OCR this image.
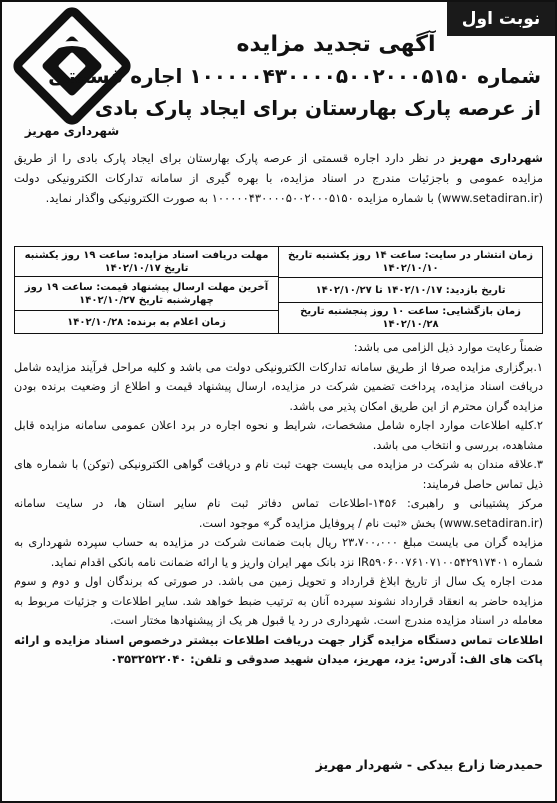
شهرداری مهریز
نوبت اول
آگهی تجدید مزایده
شماره ۱۰۰۰۰۰۴۳۰۰۰۰۵۰۰۲۰۰۰۵۱۵۰ اجاره قسمتی
از عرصه پارک بهارستان برای ایجاد پارک بادی
شهرداری مهریز در نظر دارد اجاره قسمتی از عرصه پارک بهارستان برای ایجاد پارک بادی را از طریق مزایده عمومی و باجزئیات مندرج در اسناد مزایده، با بهره گیری از سامانه تدارکات الکترونیکی دولت (www.setadiran.ir) با شماره مزایده ۱۰۰۰۰۰۴۳۰۰۰۰۵۰۰۲۰۰۰۵۱۵۰ به صورت الکترونیکی واگذار نماید.
زمان انتشار در سایت: ساعت ۱۴ روز یکشنبه تاریخ ۱۴۰۲/۱۰/۱۰
تاریخ بازدید: ۱۴۰۲/۱۰/۱۷ تا ۱۴۰۲/۱۰/۲۷
زمان بازگشایی: ساعت ۱۰ روز پنجشنبه تاریخ ۱۴۰۲/۱۰/۲۸
مهلت دریافت اسناد مزایده: ساعت ۱۹ روز یکشنبه تاریخ ۱۴۰۲/۱۰/۱۷
آخرین مهلت ارسال پیشنهاد قیمت: ساعت ۱۹ روز چهارشنبه تاریخ ۱۴۰۲/۱۰/۲۷
زمان اعلام به برنده: ۱۴۰۲/۱۰/۲۸

ضمناً رعایت موارد ذیل الزامی می باشد:

۱.برگزاری مزایده صرفا از طریق سامانه تدارکات الکترونیکی دولت می باشد و کلیه مراحل فرآیند مزایده شامل دریافت اسناد مزایده، پرداخت تضمین شرکت در مزایده، ارسال پیشنهاد قیمت و اطلاع از وضعیت برنده بودن مزایده گران محترم از این طریق امکان پذیر می باشد.

۲.کلیه اطلاعات موارد اجاره شامل مشخصات، شرایط و نحوه اجاره در برد اعلان عمومی سامانه مزایده قابل مشاهده، بررسی و انتخاب می باشد.

۳.علاقه مندان به شرکت در مزایده می بایست جهت ثبت نام و دریافت گواهی الکترونیکی (توکن) با شماره های ذیل تماس حاصل فرمایند:

مرکز پشتیبانی و راهبری: ۱۴۵۶-اطلاعات تماس دفاتر ثبت نام سایر استان ها، در سایت سامانه (www.setadiran.ir) بخش «ثبت نام / پروفایل مزایده گر» موجود است.

مزایده گران می بایست مبلغ ۲۳،۷۰۰،۰۰۰ ریال بابت ضمانت شرکت در مزایده به حساب سپرده شهرداری به شماره IR۵۹۰۶۰۰۷۶۱۰۷۱۰۰۵۴۲۹۱۷۴۰۱ نزد بانک مهر ایران واریز و یا ارائه ضمانت نامه بانکی اقدام نماید.

مدت اجاره یک سال از تاریخ ابلاغ قرارداد و تحویل زمین می باشد. در صورتی که برندگان اول و دوم و سوم مزایده حاضر به انعقاد قرارداد نشوند سپرده آنان به ترتیب ضبط خواهد شد. سایر اطلاعات و جزئیات مربوط به معامله در اسناد مزایده مندرج است. شهرداری در رد یا قبول هر یک از پیشنهادها مختار است.

اطلاعات تماس دستگاه مزایده گزار جهت دریافت اطلاعات بیشتر درخصوص اسناد مزایده و ارائه پاکت های الف: آدرس: یزد، مهریز، میدان شهید صدوقی و تلفن: ۰۳۵۳۲۵۲۲۰۴۰

حمیدرضا زارع بیدکی - شهردار مهریز
